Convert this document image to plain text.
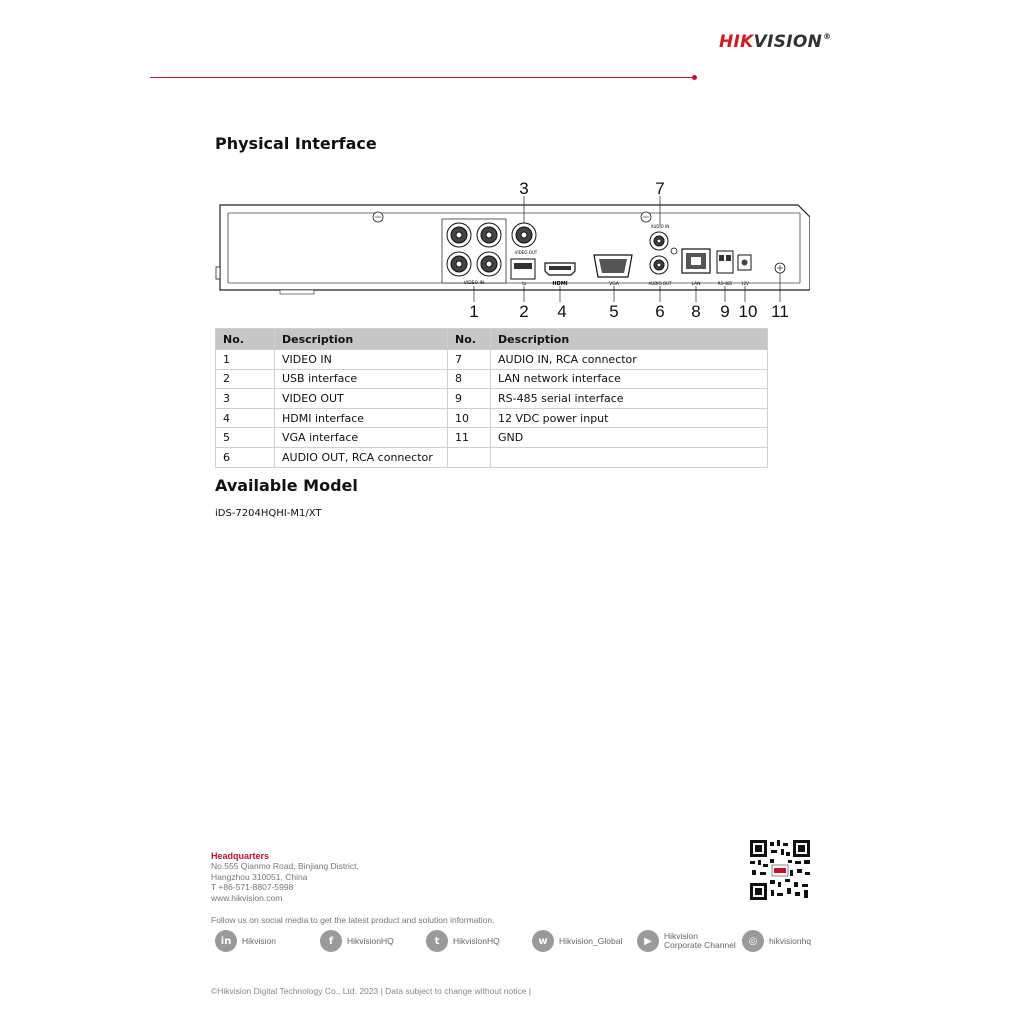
HIKVISION®
Physical Interface
VIDEO IN
VIDEO OUT
⇆	HDMI	VGA
AUDIO IN
AUDIO OUT	LAN	RS-485 12V
1 2
3
4	5 6
7
8 9 10 11
No.	Description	No.	Description
1	VIDEO IN	7	AUDIO IN, RCA connector
2	USB interface	8	LAN network interface
3	VIDEO OUT	9	RS-485 serial interface
4	HDMI interface	10	12 VDC power input
5	VGA interface	11	GND
6	AUDIO OUT, RCA connector		
Available Model
iDS-7204HQHI-M1/XT
Headquarters
No.555 Qianmo Road, Binjiang District,
Hangzhou 310051, China
T +86-571-8807-5998
www.hikvision.com
Follow us on social media to get the latest product and solution information.
in	Hikvision	f	HikvisionHQ	t	HikvisionHQ	w	Hikvision_Global	▶	Hikvision
Corporate Channel	◎	hikvisionhq
©Hikvision Digital Technology Co., Ltd. 2023 | Data subject to change without notice |
